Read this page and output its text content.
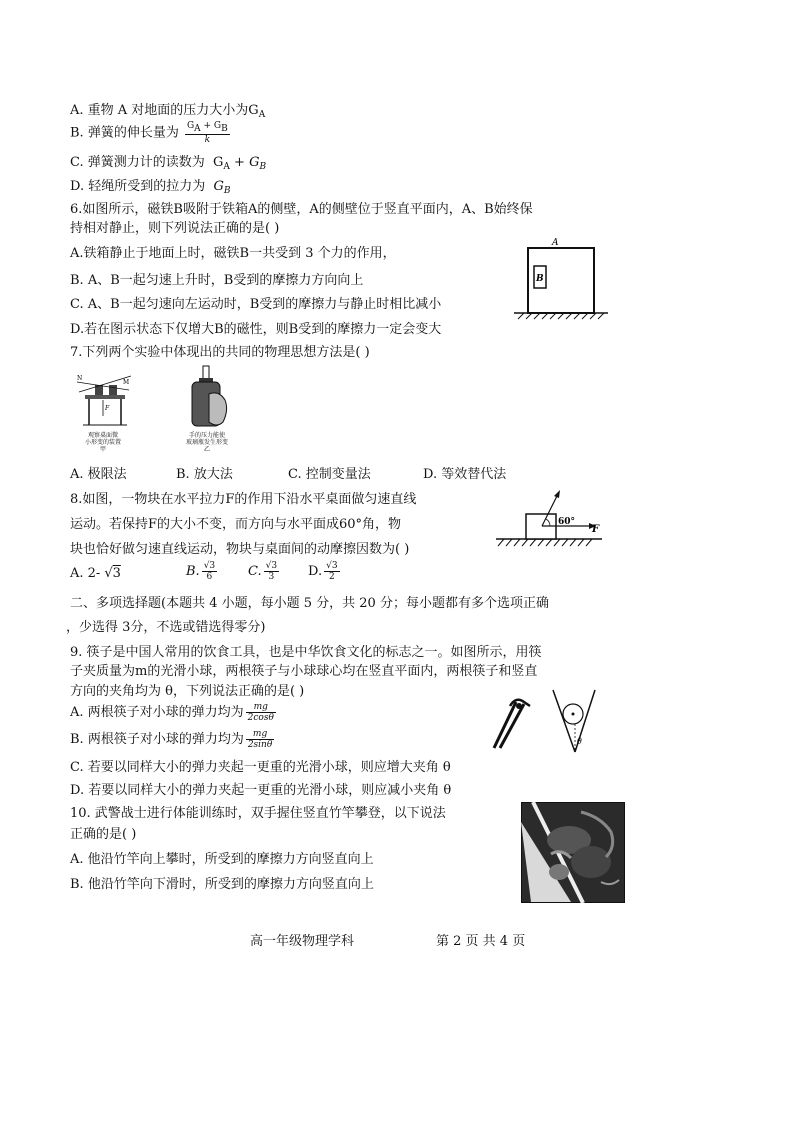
A. 重物 A 对地面的压力大小为$G_A$
B. 弹簧的伸长量为 $\frac{GA + GB}{k}$
C. 弹簧测力计的读数为 $G_A + G_B$
D. 轻绳所受到的拉力为 $G_B$
6.如图所示，磁铁B吸附于铁箱A的侧壁，A的侧壁位于竖直平面内，A、B始终保
持相对静止，则下列说法正确的是( )
A.铁箱静止于地面上时，磁铁B一共受到 3 个力的作用，
B. A、B一起匀速上升时，B受到的摩擦力方向向上
C. A、B一起匀速向左运动时，B受到的摩擦力与静止时相比减小
D.若在图示状态下仅增大B的磁性，则B受到的摩擦力一定会变大
A
B
7.下列两个实验中体现出的共同的物理思想方法是( )
N
M
F
观察桌面微
小形变的装置
甲
手的压力能使
玻璃瓶发生形变
乙
A. 极限法	B. 放大法	C. 控制变量法	D. 等效替代法
8.如图，一物块在水平拉力F的作用下沿水平桌面做匀速直线
运动。若保持F的大小不变，而方向与水平面成60°角，物
块也恰好做匀速直线运动，物块与桌面间的动摩擦因数为( )
A. 2- √3	B. $\frac{√3}{6} C$. $\frac{√3}{3} D$. $\frac{√3}{2}$
60°
F
二、多项选择题(本题共 4 小题，每小题 5 分，共 20 分；每小题都有多个选项正确
，少选得 3分，不选或错选得零分)
9. 筷子是中国人常用的饮食工具，也是中华饮食文化的标志之一。如图所示，用筷
子夹质量为m的光滑小球，两根筷子与小球球心均在竖直平面内，两根筷子和竖直
方向的夹角均为 θ，下列说法正确的是( )
A. 两根筷子对小球的弹力均为 $\frac{mg}{2\cos\theta}$
B. 两根筷子对小球的弹力均为 $\frac{mg}{2\sin\theta}$
C. 若要以同样大小的弹力夹起一更重的光滑小球，则应增大夹角 θ
D. 若要以同样大小的弹力夹起一更重的光滑小球，则应减小夹角 θ
θ
10. 武警战士进行体能训练时，双手握住竖直竹竿攀登，以下说法
正确的是( )
A. 他沿竹竿向上攀时，所受到的摩擦力方向竖直向上
B. 他沿竹竿向下滑时，所受到的摩擦力方向竖直向上
高一年级物理学科	第 2 页 共 4 页
